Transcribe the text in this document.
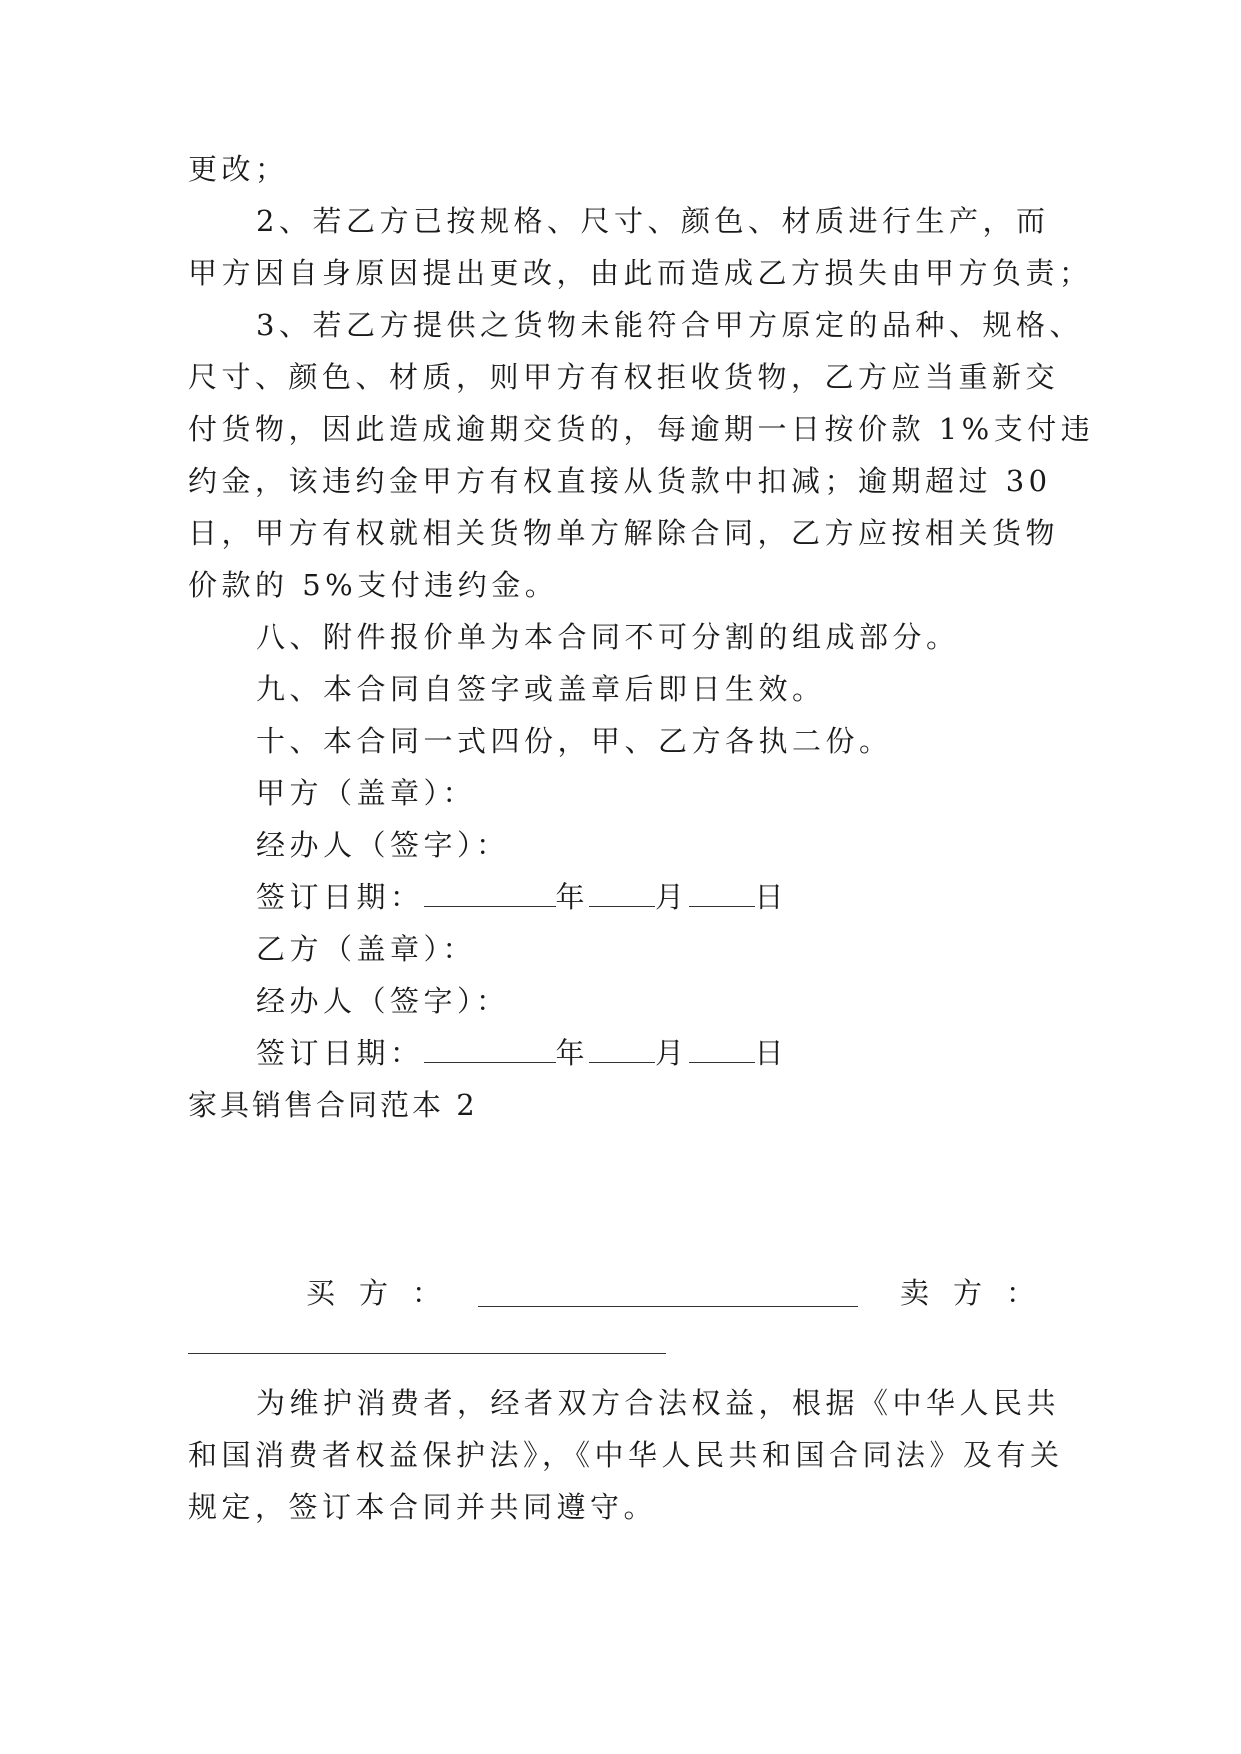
更改；
2、若乙方已按规格、尺寸、颜色、材质进行生产，而
甲方因自身原因提出更改，由此而造成乙方损失由甲方负责；
3、若乙方提供之货物未能符合甲方原定的品种、规格、
尺寸、颜色、材质，则甲方有权拒收货物，乙方应当重新交
付货物，因此造成逾期交货的，每逾期一日按价款 1%支付违
约金，该违约金甲方有权直接从货款中扣减；逾期超过 30
日，甲方有权就相关货物单方解除合同，乙方应按相关货物
价款的 5%支付违约金。
八、附件报价单为本合同不可分割的组成部分。
九、本合同自签字或盖章后即日生效。
十、本合同一式四份，甲、乙方各执二份。
甲方（盖章）：
经办人（签字）：
签订日期：	年 月 日
乙方（盖章）：
经办人（签字）：
签订日期：	年 月 日
家具销售合同范本 2
买方：	卖方：
为维护消费者，经者双方合法权益，根据《中华人民共
和国消费者权益保护法》，《中华人民共和国合同法》及有关
规定，签订本合同并共同遵守。
